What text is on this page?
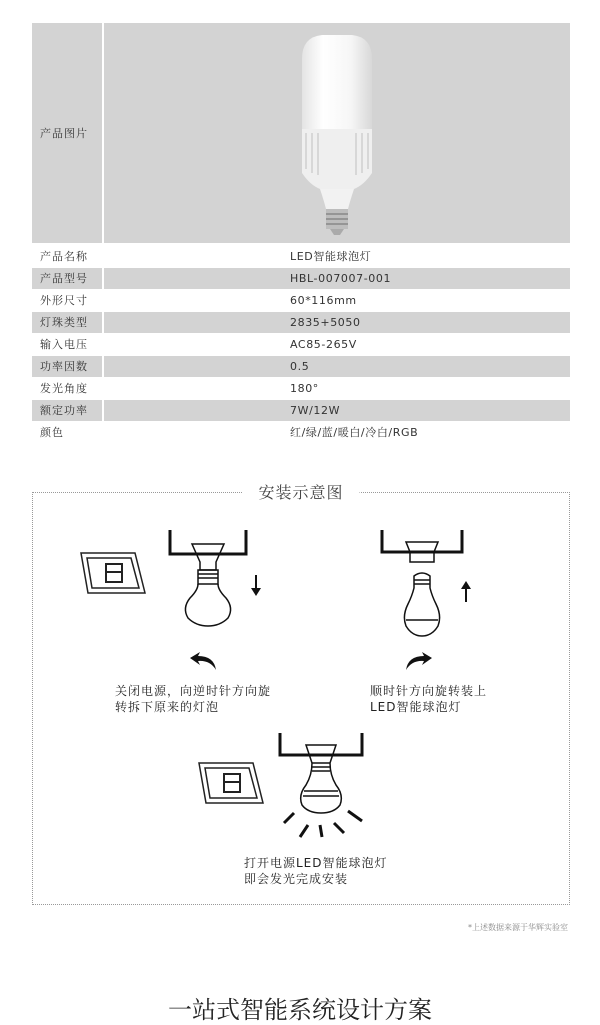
产品图片
产品名称	LED智能球泡灯
产品型号	HBL-007007-001
外形尺寸	60*116mm
灯珠类型	2835+5050
输入电压	AC85-265V
功率因数	0.5
发光角度	180°
额定功率	7W/12W
颜色	红/绿/蓝/暖白/冷白/RGB
安装示意图
关闭电源，向逆时针方向旋
转拆下原来的灯泡
顺时针方向旋转装上
LED智能球泡灯
打开电源LED智能球泡灯
即会发光完成安装
*上述数据来源于华辉实验室
一站式智能系统设计方案
